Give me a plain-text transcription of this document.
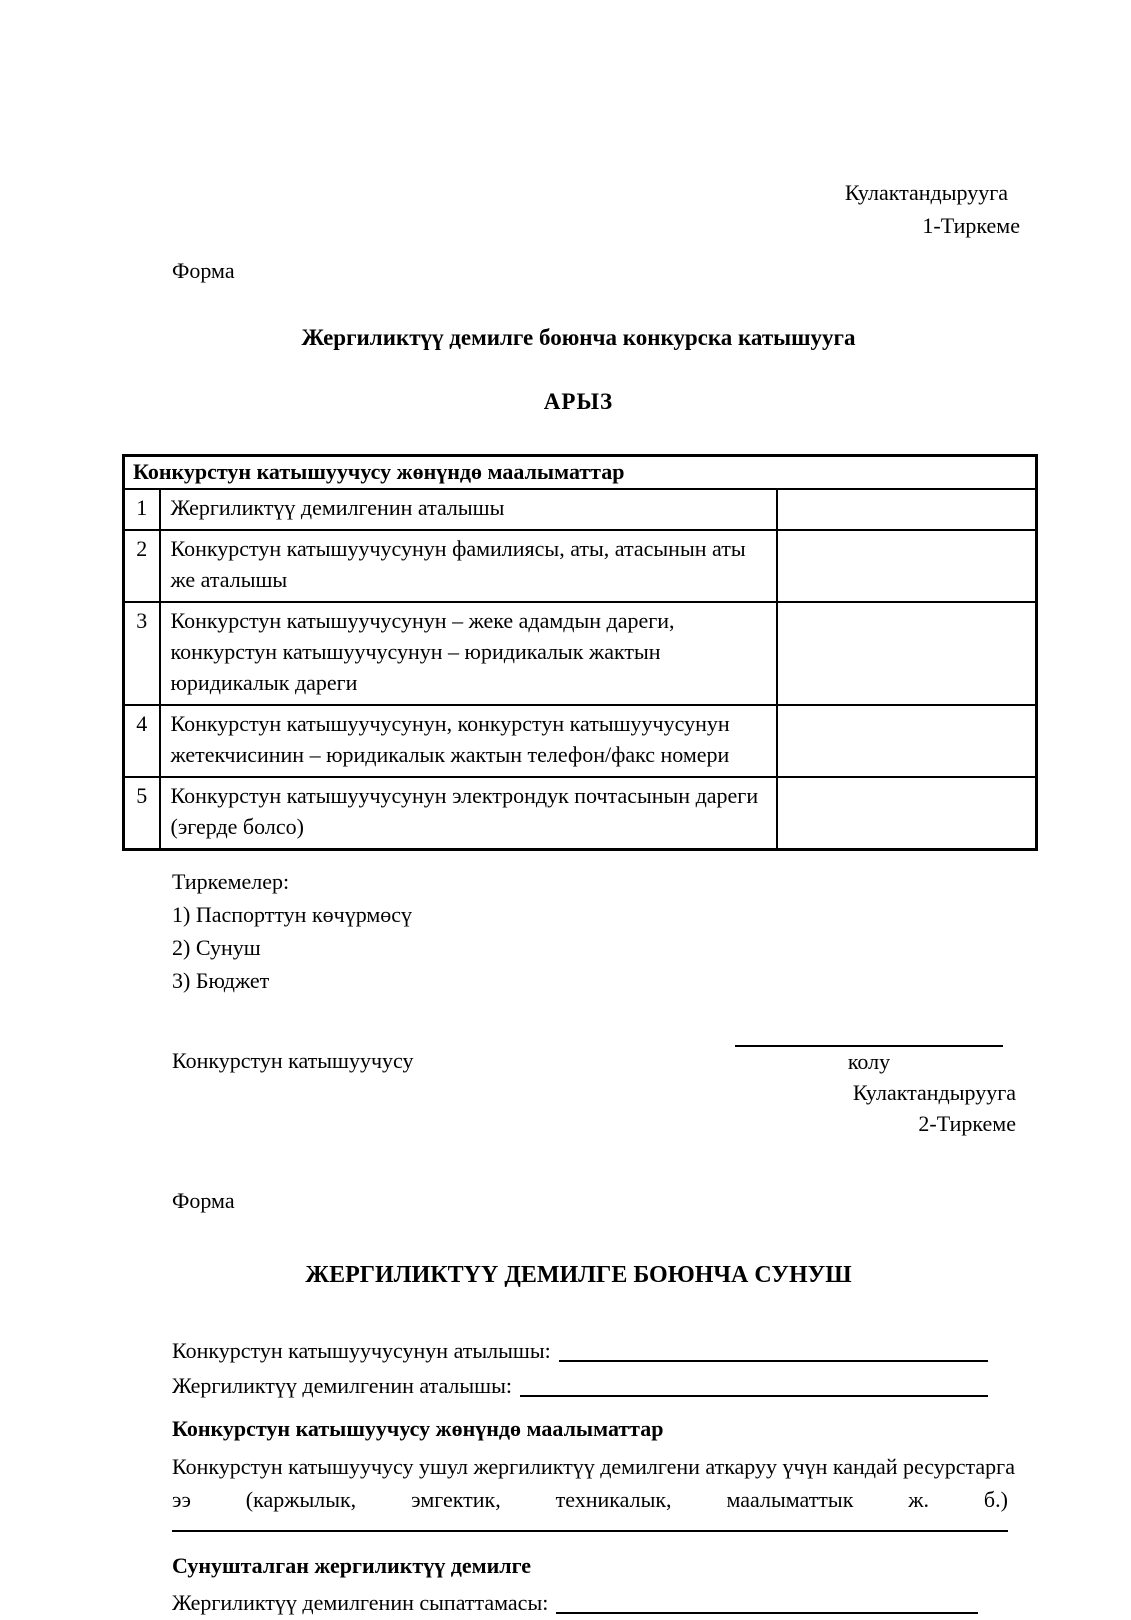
Кулактандырууга
1-Тиркеме
Форма
Жергиликтүү демилге боюнча конкурска катышууга
АРЫЗ
Конкурстун катышуучусу жөнүндө маалыматтар		
1	Жергиликтүү демилгенин аталышы	
2	Конкурстун катышуучусунун фамилиясы, аты, атасынын аты же аталышы	
3	Конкурстун катышуучусунун – жеке адамдын дареги, конкурстун катышуучусунун – юридикалык жактын юридикалык дареги	
4	Конкурстун катышуучусунун, конкурстун катышуучусунун жетекчисинин – юридикалык жактын телефон/факс номери	
5	Конкурстун катышуучусунун электрондук почтасынын дареги (эгерде болсо)	
Тиркемелер:
1) Паспорттун көчүрмөсү
2) Сунуш
3) Бюджет
Конкурстун катышуучусу	колу
Кулактандырууга
2-Тиркеме
Форма
ЖЕРГИЛИКТҮҮ ДЕМИЛГЕ БОЮНЧА СУНУШ
Конкурстун катышуучусунун атылышы:
Жергиликтүү демилгенин аталышы:
Конкурстун катышуучусу жөнүндө маалыматтар
Конкурстун катышуучусу ушул жергиликтүү демилгени аткаруу үчүн кандай ресурстарга
ээ (каржылык, эмгектик, техникалык, маалыматтык ж. б.)
Сунушталган жергиликтүү демилге
Жергиликтүү демилгенин сыпаттамасы:
